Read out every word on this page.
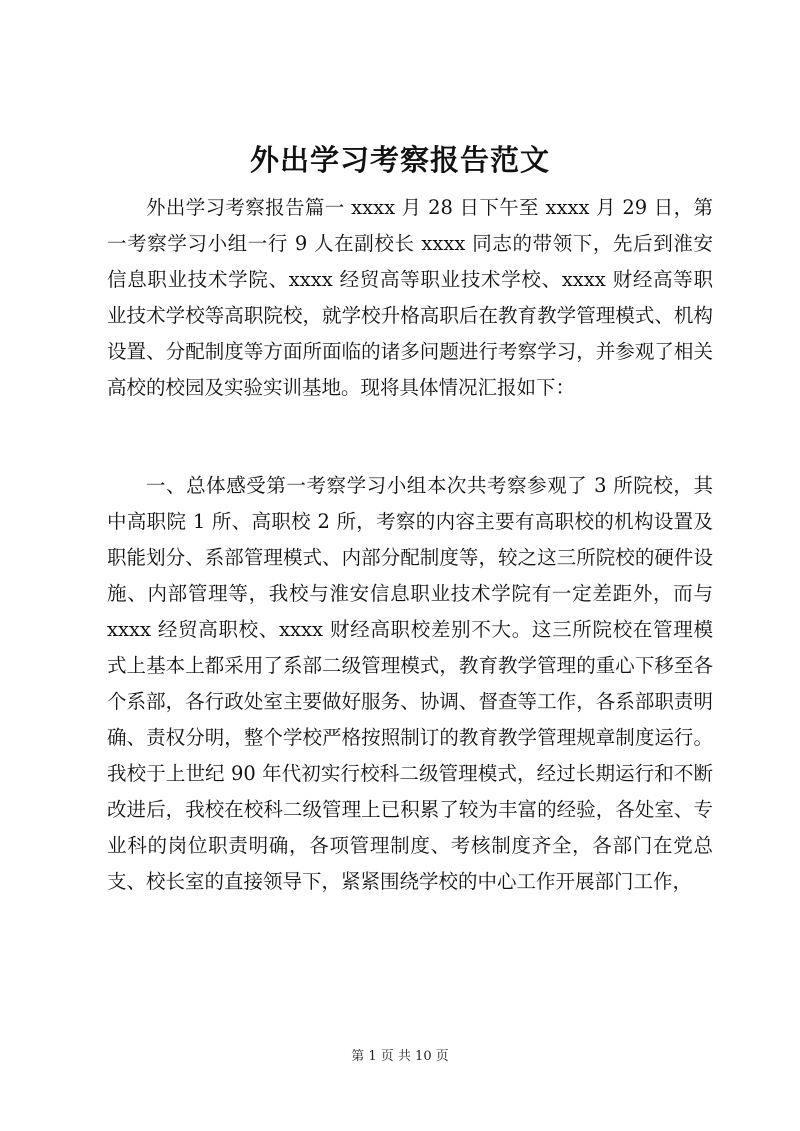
外出学习考察报告范文

外出学习考察报告篇一 xxxx 月 28 日下午至 xxxx 月 29 日，第一考察学习小组一行 9 人在副校长 xxxx 同志的带领下，先后到淮安信息职业技术学院、xxxx 经贸高等职业技术学校、xxxx 财经高等职业技术学校等高职院校，就学校升格高职后在教育教学管理模式、机构设置、分配制度等方面所面临的诸多问题进行考察学习，并参观了相关高校的校园及实验实训基地。现将具体情况汇报如下：

一、总体感受第一考察学习小组本次共考察参观了 3 所院校，其中高职院 1 所、高职校 2 所，考察的内容主要有高职校的机构设置及职能划分、系部管理模式、内部分配制度等，较之这三所院校的硬件设施、内部管理等，我校与淮安信息职业技术学院有一定差距外，而与 xxxx 经贸高职校、xxxx 财经高职校差别不大。这三所院校在管理模式上基本上都采用了系部二级管理模式，教育教学管理的重心下移至各个系部，各行政处室主要做好服务、协调、督查等工作，各系部职责明确、责权分明，整个学校严格按照制订的教育教学管理规章制度运行。我校于上世纪 90 年代初实行校科二级管理模式，经过长期运行和不断改进后，我校在校科二级管理上已积累了较为丰富的经验，各处室、专业科的岗位职责明确，各项管理制度、考核制度齐全，各部门在党总支、校长室的直接领导下，紧紧围绕学校的中心工作开展部门工作，

第 1 页 共 10 页
